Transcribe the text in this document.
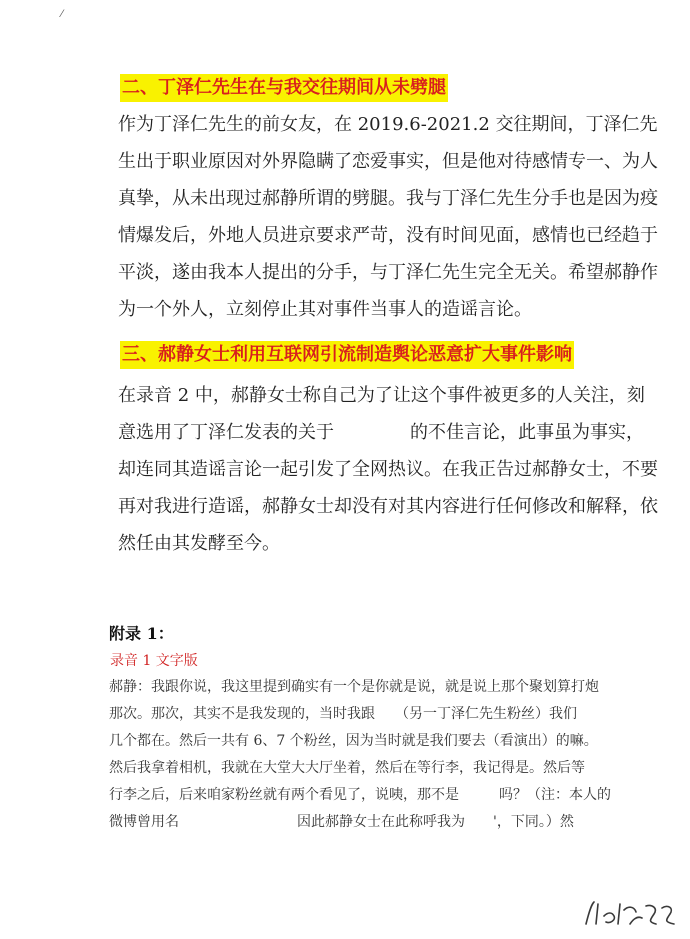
⁄
二、丁泽仁先生在与我交往期间从未劈腿
作为丁泽仁先生的前女友，在 2019.6-2021.2 交往期间，丁泽仁先
生出于职业原因对外界隐瞒了恋爱事实，但是他对待感情专一、为人
真挚，从未出现过郝静所谓的劈腿。我与丁泽仁先生分手也是因为疫
情爆发后，外地人员进京要求严苛，没有时间见面，感情也已经趋于
平淡，遂由我本人提出的分手，与丁泽仁先生完全无关。希望郝静作
为一个外人，立刻停止其对事件当事人的造谣言论。
三、郝静女士利用互联网引流制造舆论恶意扩大事件影响
在录音 2 中，郝静女士称自己为了让这个事件被更多的人关注，刻
意选用了丁泽仁发表的关于	的不佳言论，此事虽为事实，
却连同其造谣言论一起引发了全网热议。在我正告过郝静女士，不要
再对我进行造谣，郝静女士却没有对其内容进行任何修改和解释，依
然任由其发酵至今。
附录 1：
录音 1 文字版
郝静：我跟你说，我这里提到确实有一个是你就是说，就是说上那个聚划算打炮
那次。那次，其实不是我发现的，当时我跟 （另一丁泽仁先生粉丝）我们
几个都在。然后一共有 6、7 个粉丝，因为当时就是我们要去（看演出）的嘛。
然后我拿着相机，我就在大堂大大厅坐着，然后在等行李，我记得是。然后等
行李之后，后来咱家粉丝就有两个看见了，说咦，那不是	吗？（注：本人的
微博曾用名	因此郝静女士在此称呼我为 '，下同。）然
